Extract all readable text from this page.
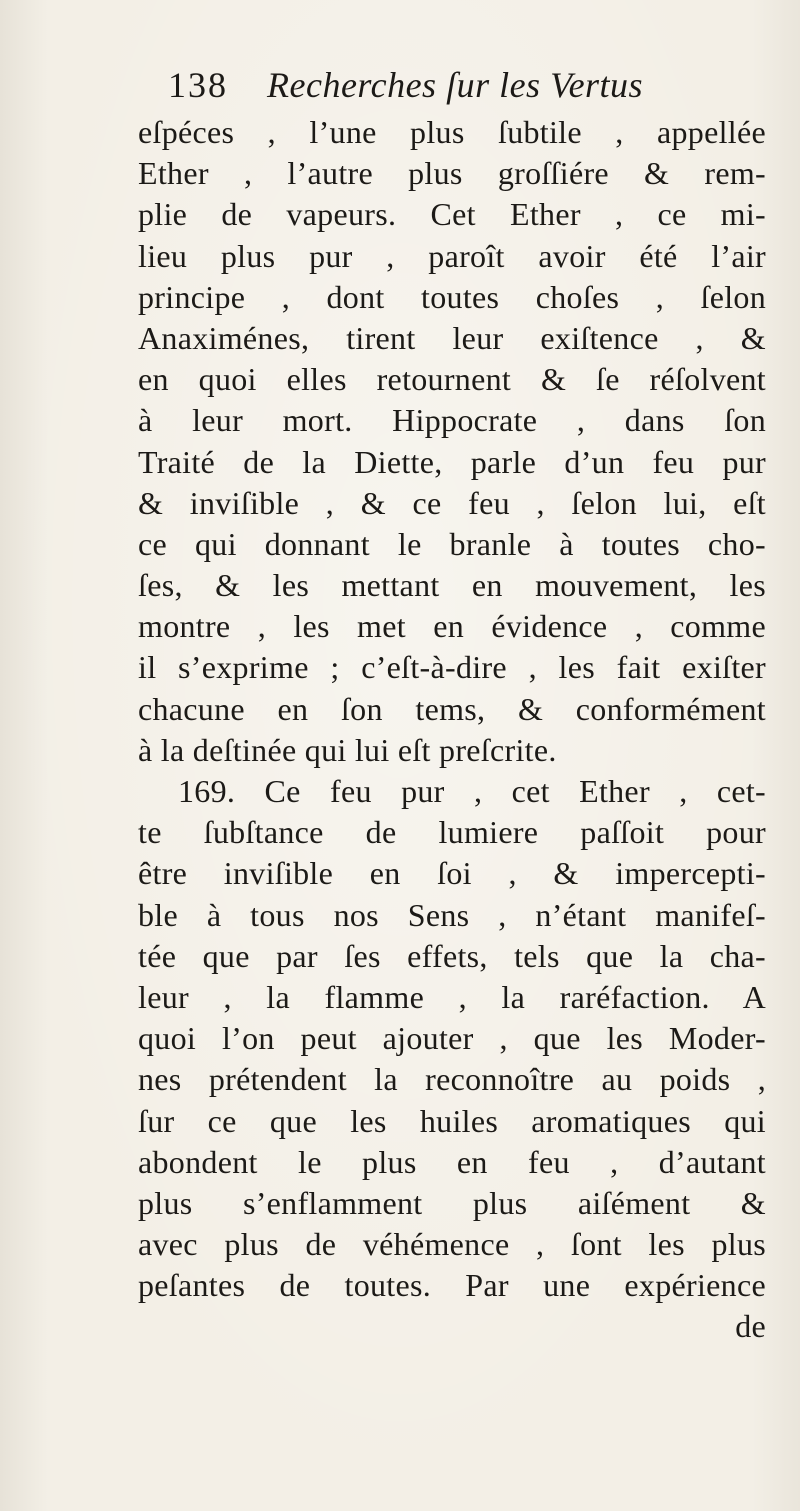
138 Recherches ſur les Vertus
eſpéces , l’une plus ſubtile , appellée
Ether , l’autre plus groſſiére & rem-
plie de vapeurs. Cet Ether , ce mi-
lieu plus pur , paroît avoir été l’air
principe , dont toutes choſes , ſelon
Anaximénes, tirent leur exiſtence , &
en quoi elles retournent & ſe réſolvent
à leur mort. Hippocrate , dans ſon
Traité de la Diette, parle d’un feu pur
& inviſible , & ce feu , ſelon lui, eſt
ce qui donnant le branle à toutes cho-
ſes, & les mettant en mouvement, les
montre , les met en évidence , comme
il s’exprime ; c’eſt-à-dire , les fait exiſter
chacune en ſon tems, & conformément
à la deſtinée qui lui eſt preſcrite.
169. Ce feu pur , cet Ether , cet-
te ſubſtance de lumiere paſſoit pour
être inviſible en ſoi , & impercepti-
ble à tous nos Sens , n’étant manifeſ-
tée que par ſes effets, tels que la cha-
leur , la flamme , la raréfaction. A
quoi l’on peut ajouter , que les Moder-
nes prétendent la reconnoître au poids ,
ſur ce que les huiles aromatiques qui
abondent le plus en feu , d’autant
plus s’enflamment plus aiſément &
avec plus de véhémence , ſont les plus
peſantes de toutes. Par une expérience
de
